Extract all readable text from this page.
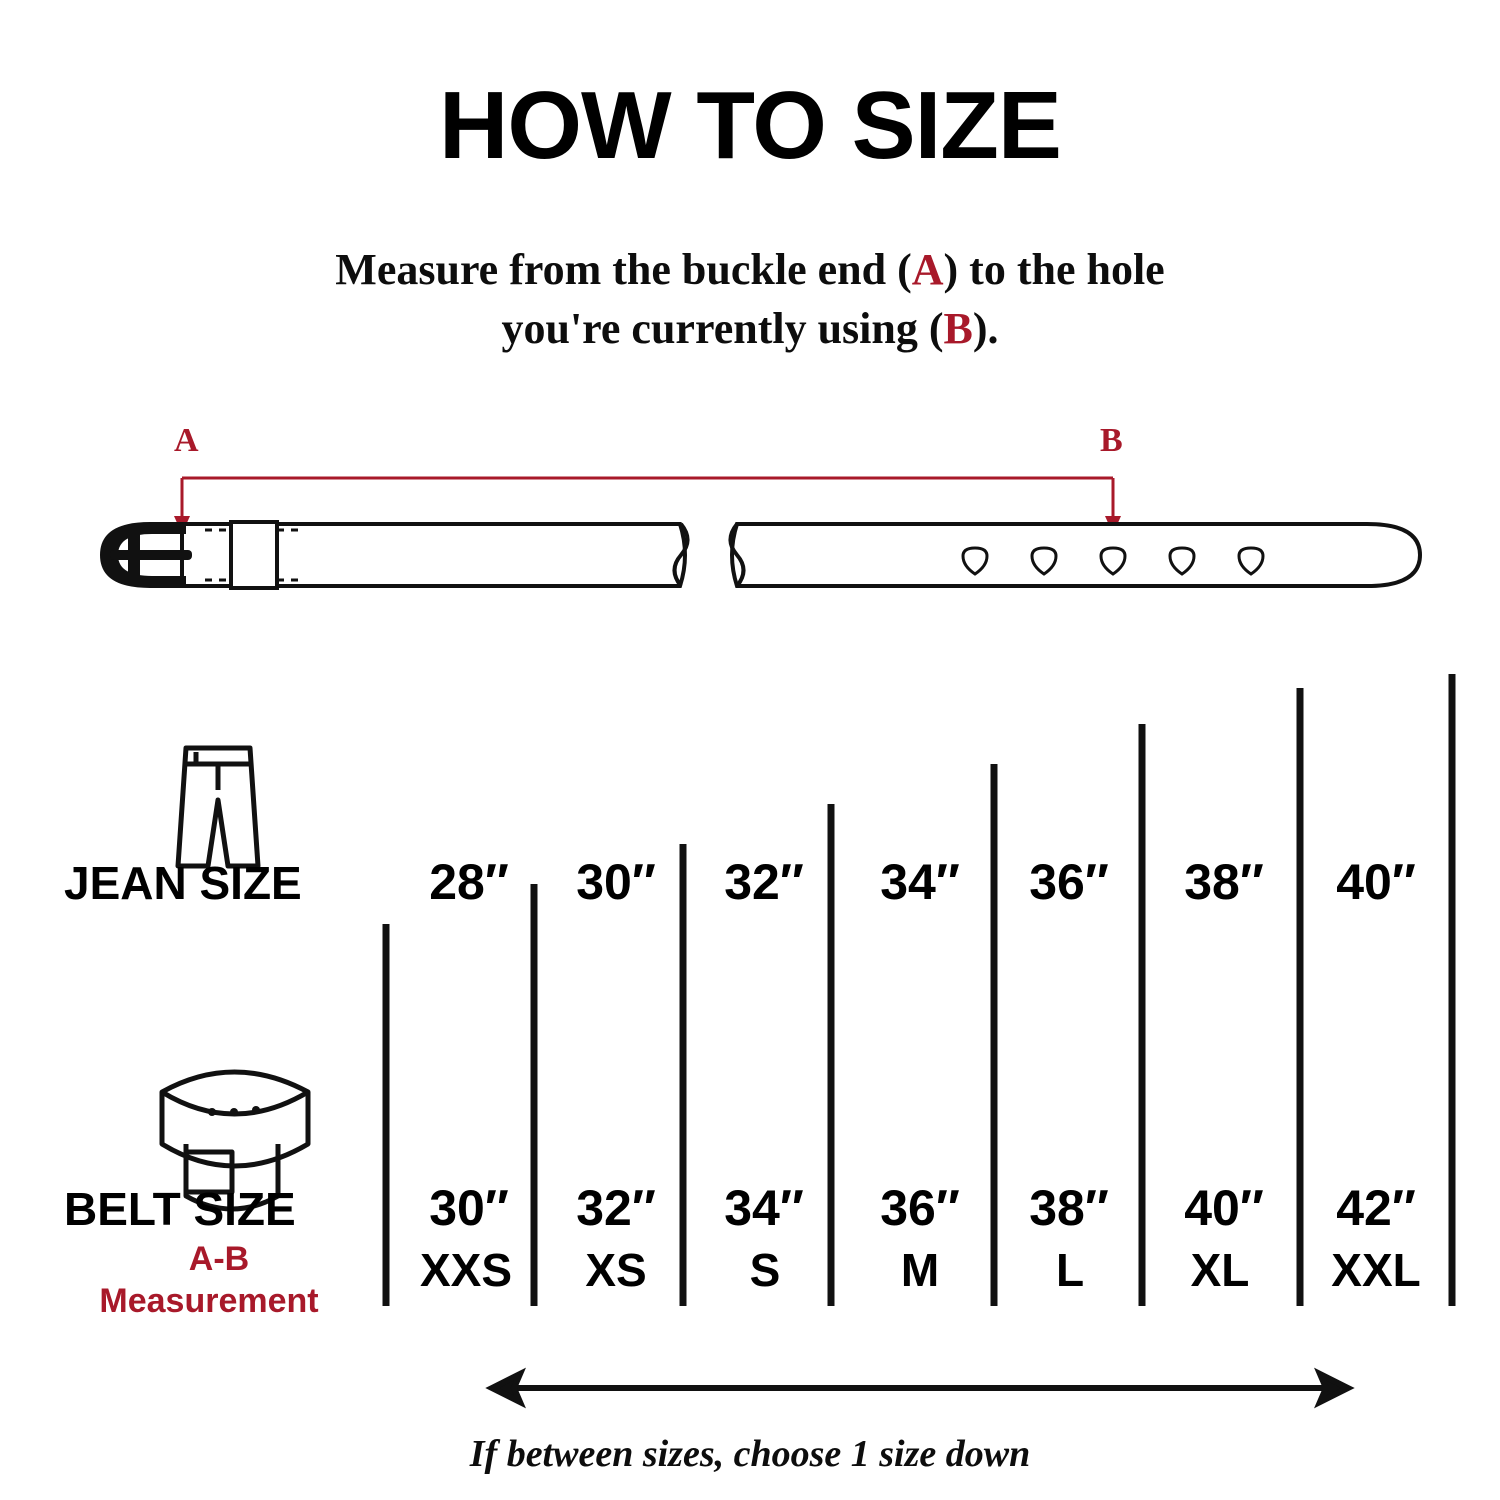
HOW TO SIZE
Measure from the buckle end (A) to the hole
you're currently using (B).
A	B
JEAN SIZE
BELT SIZE
A-B
Measurement
28″	30″	32″	34″	36″	38″	40″
30″	32″	34″	36″	38″	40″	42″
XXS	XS	S	M	L	XL	XXL
If between sizes, choose 1 size down
